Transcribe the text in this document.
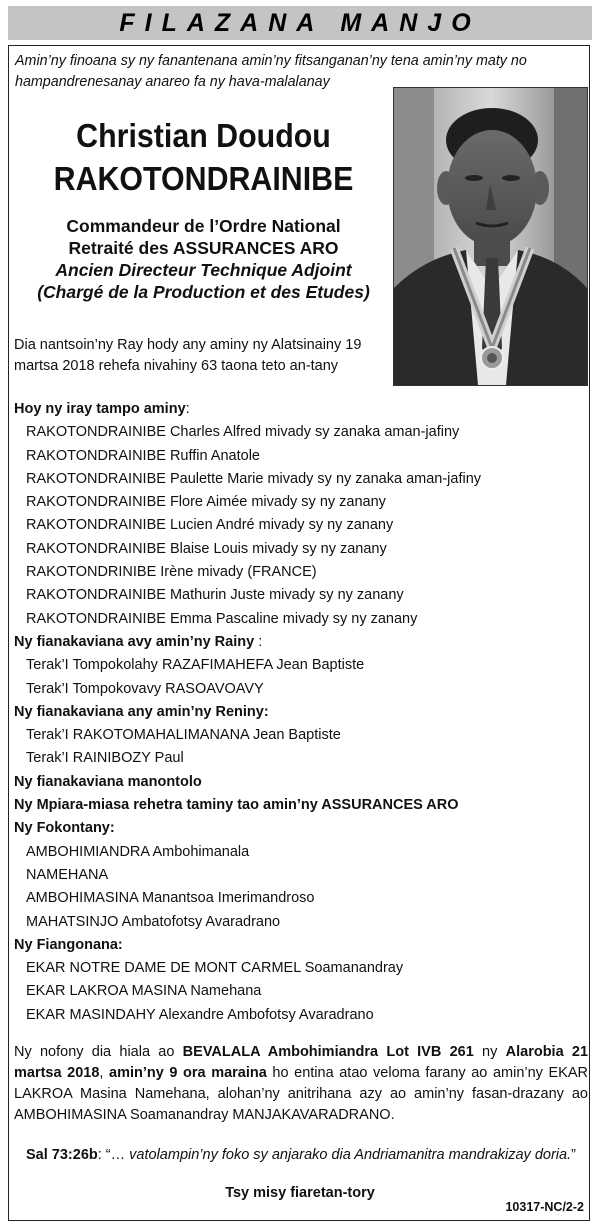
FILAZANA MANJO
Amin’ny finoana sy ny fanantenana amin’ny fitsanganan’ny tena amin’ny maty no hampandrenesanay anareo fa ny hava-malalanay
Christian Doudou
RAKOTONDRAINIBE
Commandeur de l’Ordre National
Retraité des ASSURANCES ARO
Ancien Directeur Technique Adjoint
(Chargé de la Production et des Etudes)
Dia nantsoin’ny Ray hody any aminy ny Alatsinainy 19 martsa 2018 rehefa nivahiny 63 taona teto an-tany
Hoy ny iray tampo aminy:
RAKOTONDRAINIBE Charles Alfred mivady sy zanaka aman-jafiny
RAKOTONDRAINIBE Ruffin Anatole
RAKOTONDRAINIBE Paulette Marie mivady sy ny zanaka aman-jafiny
RAKOTONDRAINIBE Flore Aimée mivady sy ny zanany
RAKOTONDRAINIBE Lucien André mivady sy ny zanany
RAKOTONDRAINIBE Blaise Louis mivady sy ny zanany
RAKOTONDRINIBE Irène mivady (FRANCE)
RAKOTONDRAINIBE Mathurin Juste mivady sy ny zanany
RAKOTONDRAINIBE Emma Pascaline mivady sy ny zanany
Ny fianakaviana avy amin’ny Rainy :
Terak’I Tompokolahy RAZAFIMAHEFA Jean Baptiste
Terak’I Tompokovavy RASOAVOAVY
Ny fianakaviana any amin’ny Reniny:
Terak’I RAKOTOMAHALIMANANA Jean Baptiste
Terak’I RAINIBOZY Paul
Ny fianakaviana manontolo
Ny Mpiara-miasa rehetra taminy tao amin’ny ASSURANCES ARO
Ny Fokontany:
AMBOHIMIANDRA Ambohimanala
NAMEHANA
AMBOHIMASINA Manantsoa Imerimandroso
MAHATSINJO Ambatofotsy Avaradrano
Ny Fiangonana:
EKAR NOTRE DAME DE MONT CARMEL Soamanandray
EKAR LAKROA MASINA Namehana
EKAR MASINDAHY Alexandre Ambofotsy Avaradrano
Ny nofony dia hiala ao BEVALALA Ambohimiandra Lot IVB 261 ny Alarobia 21 martsa 2018, amin’ny 9 ora maraina ho entina atao veloma farany ao amin’ny EKAR LAKROA Masina Namehana, alohan’ny anitrihana azy ao amin’ny fasan-drazany ao AMBOHIMASINA Soamanandray MANJAKAVARADRANO.
Sal 73:26b: “… vatolampin’ny foko sy anjarako dia Andriamanitra mandrakizay doria.”
Tsy misy fiaretan-tory
10317-NC/2-2
